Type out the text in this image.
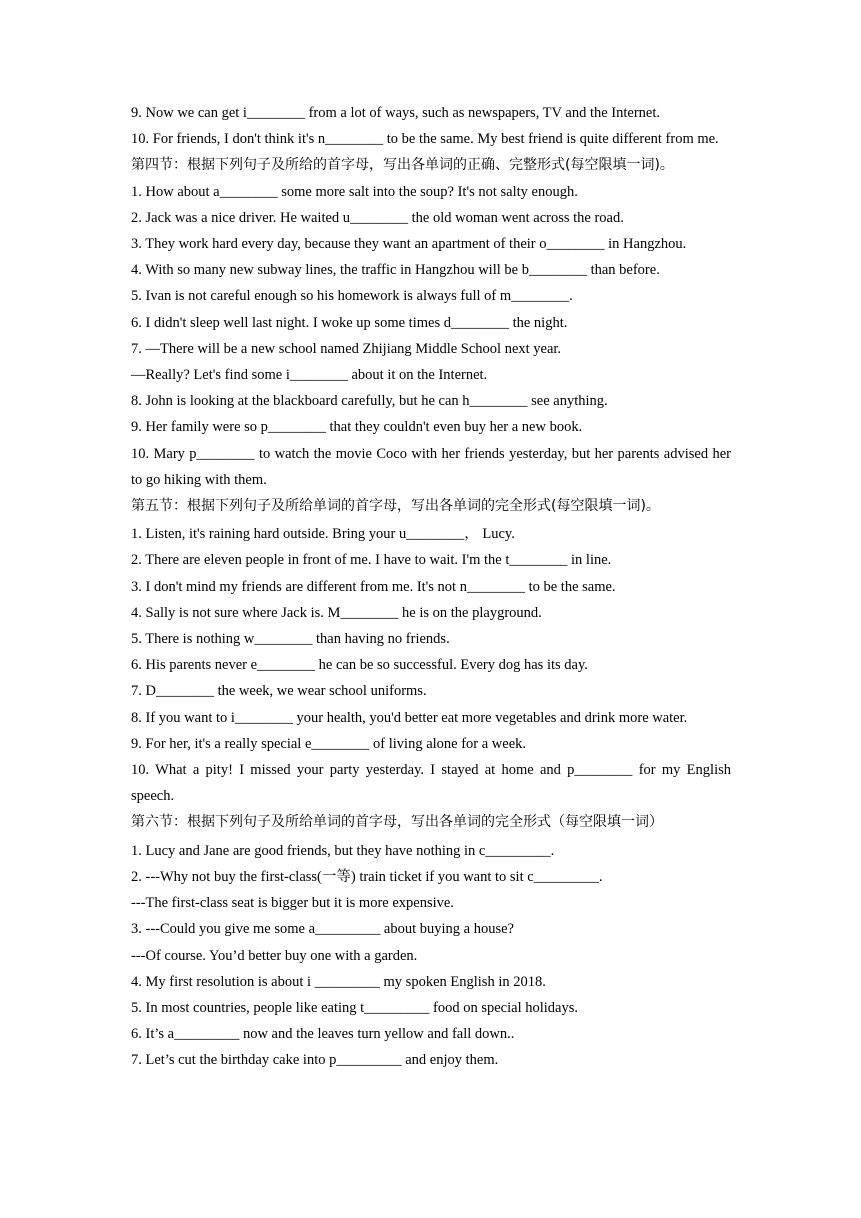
9. Now we can get i________ from a lot of ways, such as newspapers, TV and the Internet.
10. For friends, I don't think it's n________ to be the same. My best friend is quite different from me.
第四节：根据下列句子及所给的首字母，写出各单词的正确、完整形式(每空限填一词)。
1. How about a________ some more salt into the soup? It's not salty enough.
2. Jack was a nice driver. He waited u________ the old woman went across the road.
3. They work hard every day, because they want an apartment of their o________ in Hangzhou.
4. With so many new subway lines, the traffic in Hangzhou will be b________ than before.
5. Ivan is not careful enough so his homework is always full of m________.
6. I didn't sleep well last night. I woke up some times d________ the night.
7. —There will be a new school named Zhijiang Middle School next year.
—Really? Let's find some i________ about it on the Internet.
8. John is looking at the blackboard carefully, but he can h________ see anything.
9. Her family were so p________ that they couldn't even buy her a new book.
10. Mary p________ to watch the movie Coco with her friends yesterday, but her parents advised her to go hiking with them.
第五节：根据下列句子及所给单词的首字母，写出各单词的完全形式(每空限填一词)。
1. Listen, it's raining hard outside. Bring your u________， Lucy.
2. There are eleven people in front of me. I have to wait. I'm the t________ in line.
3. I don't mind my friends are different from me. It's not n________ to be the same.
4. Sally is not sure where Jack is. M________ he is on the playground.
5. There is nothing w________ than having no friends.
6. His parents never e________ he can be so successful. Every dog has its day.
7. D________ the week, we wear school uniforms.
8. If you want to i________ your health, you'd better eat more vegetables and drink more water.
9. For her, it's a really special e________ of living alone for a week.
10. What a pity! I missed your party yesterday. I stayed at home and p________ for my English speech.
第六节：根据下列句子及所给单词的首字母，写出各单词的完全形式（每空限填一词）
1. Lucy and Jane are good friends, but they have nothing in c_________.
2. ---Why not buy the first-class(一等) train ticket if you want to sit c_________.
---The first-class seat is bigger but it is more expensive.
3. ---Could you give me some a_________ about buying a house?
---Of course. You’d better buy one with a garden.
4. My first resolution is about i _________ my spoken English in 2018.
5. In most countries, people like eating t_________ food on special holidays.
6. It’s a_________ now and the leaves turn yellow and fall down..
7. Let’s cut the birthday cake into p_________ and enjoy them.
